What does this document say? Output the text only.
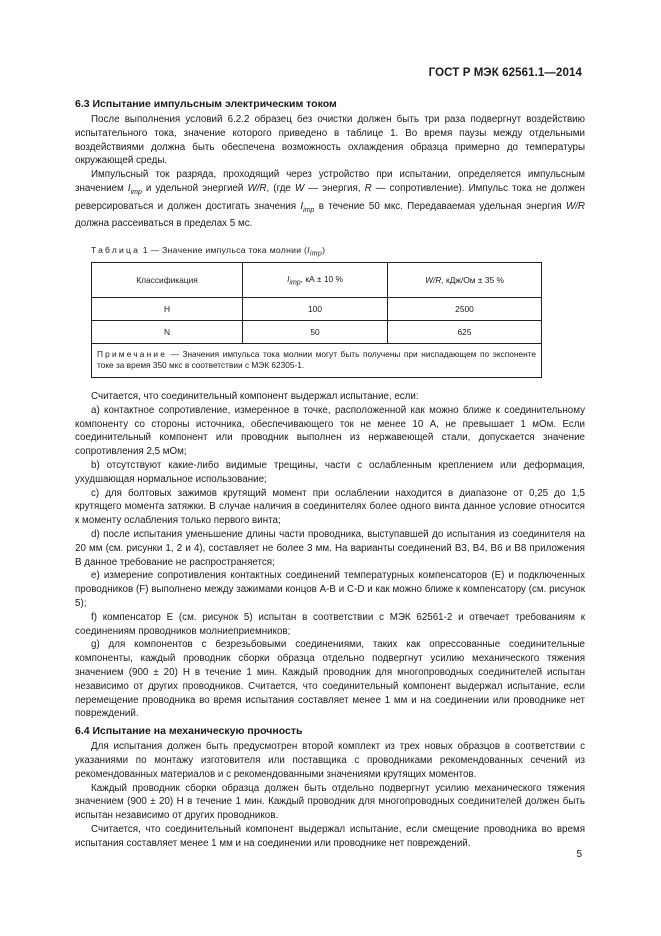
ГОСТ Р МЭК 62561.1—2014
6.3 Испытание импульсным электрическим током

После выполнения условий 6.2.2 образец без очистки должен быть три раза подвергнут воздействию испытательного тока, значение которого приведено в таблице 1. Во время паузы между отдельными воздействиями должна быть обеспечена возможность охлаждения образца примерно до температуры окружающей среды.

Импульсный ток разряда, проходящий через устройство при испытании, определяется импульсным значением $I_{imp}$ и удельной энергией W/R, (где W — энергия, R — сопротивление). Импульс тока не должен реверсироваться и должен достигать значения $I_{imp}$ в течение 50 мкс. Передаваемая удельная энергия W/R должна рассеиваться в пределах 5 мс.

Таблица 1 — Значение импульса тока молнии $(I_{imp})$
Классификация	$I_{imp}$, кА ± 10 %	W/R, кДж/Ом ± 35 %
H	100	2500
N	50	625
Примечание — Значения импульса тока молнии могут быть получены при ниспадающем по экспоненте токе за время 350 мкс в соответствии с МЭК 62305-1.		

Считается, что соединительный компонент выдержал испытание, если:

а) контактное сопротивление, измеренное в точке, расположенной как можно ближе к соединительному компоненту со стороны источника, обеспечивающего ток не менее 10 А, не превышает 1 мОм. Если соединительный компонент или проводник выполнен из нержавеющей стали, допускается значение сопротивления 2,5 мОм;

b) отсутствуют какие-либо видимые трещины, части с ослабленным креплением или деформация, ухудшающая нормальное использование;

с) для болтовых зажимов крутящий момент при ослаблении находится в диапазоне от 0,25 до 1,5 крутящего момента затяжки. В случае наличия в соединителях более одного винта данное условие относится к моменту ослабления только первого винта;

d) после испытания уменьшение длины части проводника, выступавшей до испытания из соединителя на 20 мм (см. рисунки 1, 2 и 4), составляет не более 3 мм. На варианты соединений B3, B4, B6 и B8 приложения В данное требование не распространяется;

е) измерение сопротивления контактных соединений температурных компенсаторов (Е) и подключенных проводников (F) выполнено между зажимами концов А-В и С-D и как можно ближе к компенсатору (см. рисунок 5);

f) компенсатор Е (см. рисунок 5) испытан в соответствии с МЭК 62561-2 и отвечает требованиям к соединениям проводников молниеприемников;

g) для компонентов с безрезьбовыми соединениями, таких как опрессованные соединительные компоненты, каждый проводник сборки образца отдельно подвергнут усилию механического тяжения значением (900 ± 20) Н в течение 1 мин. Каждый проводник для многопроводных соединителей испытан независимо от других проводников. Считается, что соединительный компонент выдержал испытание, если перемещение проводника во время испытания составляет менее 1 мм и на соединении или проводнике нет повреждений.

6.4 Испытание на механическую прочность

Для испытания должен быть предусмотрен второй комплект из трех новых образцов в соответствии с указаниями по монтажу изготовителя или поставщика с проводниками рекомендованных сечений из рекомендованных материалов и с рекомендованными значениями крутящих моментов.

Каждый проводник сборки образца должен быть отдельно подвергнут усилию механического тяжения значением (900 ± 20) Н в течение 1 мин. Каждый проводник для многопроводных соединителей должен быть испытан независимо от других проводников.

Считается, что соединительный компонент выдержал испытание, если смещение проводника во время испытания составляет менее 1 мм и на соединении или проводнике нет повреждений.

5
